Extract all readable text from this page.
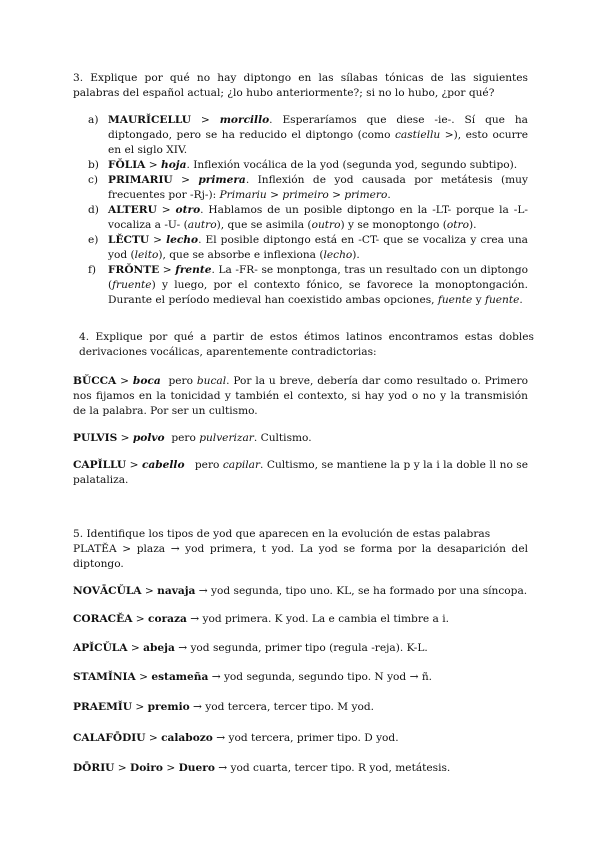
3. Explique por qué no hay diptongo en las sílabas tónicas de las siguientes palabras del español actual; ¿lo hubo anteriormente?; si no lo hubo, ¿por qué?
a) MAURĬCELLU > morcillo. Esperaríamos que diese -ie-. Sí que ha diptongado, pero se ha reducido el diptongo (como castiellu >), esto ocurre en el siglo XIV.
b) FŎLIA > hoja. Inflexión vocálica de la yod (segunda yod, segundo subtipo).
c) PRIMARIU > primera. Inflexión de yod causada por metátesis (muy frecuentes por -Rj-): Primariu > primeiro > primero.
d) ALTERU > otro. Hablamos de un posible diptongo en la -LT- porque la -L- vocaliza a -U- (autro), que se asimila (outro) y se monoptongo (otro).
e) LĔCTU > lecho. El posible diptongo está en -CT- que se vocaliza y crea una yod (leito), que se absorbe e inflexiona (lecho).
f) FRŎNTE > frente. La -FR- se monptonga, tras un resultado con un diptongo (fruente) y luego, por el contexto fónico, se favorece la monoptongación. Durante el período medieval han coexistido ambas opciones, fuente y fuente.
4. Explique por qué a partir de estos étimos latinos encontramos estas dobles derivaciones vocálicas, aparentemente contradictorias:
BŬCCA > boca  pero bucal. Por la u breve, debería dar como resultado o. Primero nos fijamos en la tonicidad y también el contexto, si hay yod o no y la transmisión de la palabra. Por ser un cultismo.
PULVIS > polvo  pero pulverizar. Cultismo.
CAPĬLLU > cabello   pero capilar. Cultismo, se mantiene la p y la i la doble ll no se palataliza.
5. Identifique los tipos de yod que aparecen en la evolución de estas palabras
PLATĔA > plaza → yod primera, t yod. La yod se forma por la desaparición del diptongo.
NOVĀCŬLA > navaja → yod segunda, tipo uno. KL, se ha formado por una síncopa.
CORACĔA > coraza → yod primera. K yod. La e cambia el timbre a i.
APĬCŬLA > abeja → yod segunda, primer tipo (regula -reja). K-L.
STAMĬNIA > estameña → yod segunda, segundo tipo. N yod → ñ.
PRAEMĬU > premio → yod tercera, tercer tipo. M yod.
CALAFŌDIU > calabozo → yod tercera, primer tipo. D yod.
DŌRIU > Doiro > Duero → yod cuarta, tercer tipo. R yod, metátesis.
